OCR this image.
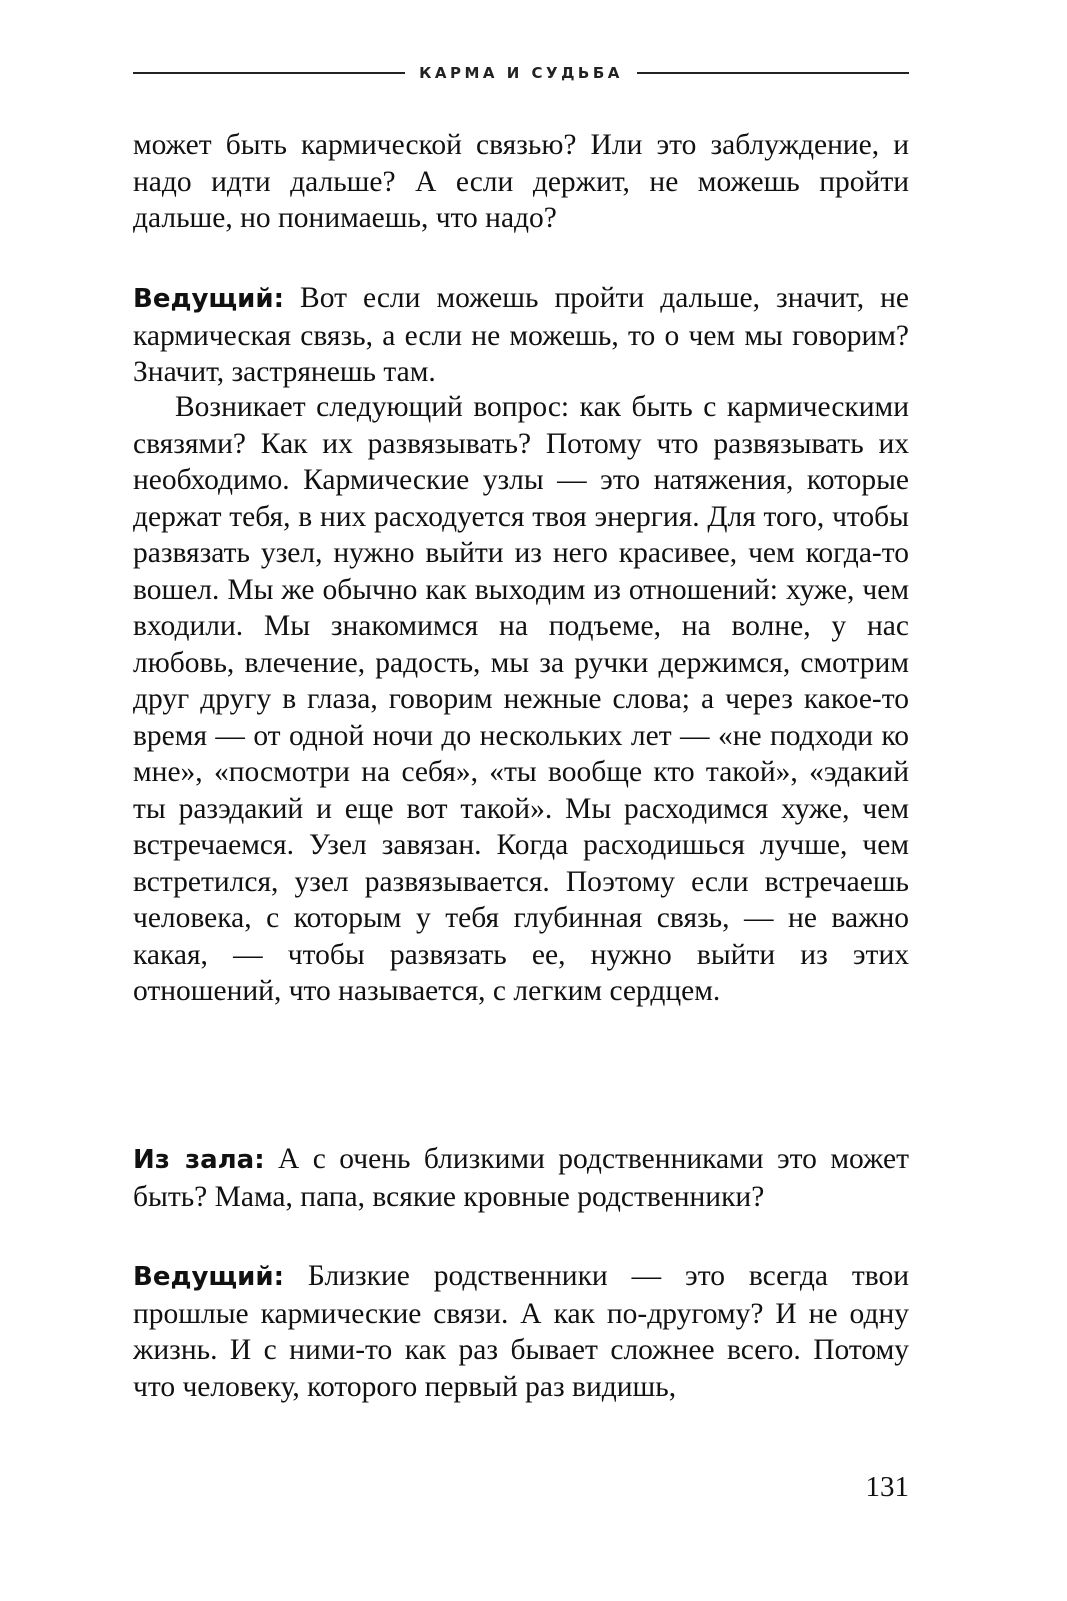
КАРМА И СУДЬБА

может быть кармической связью? Или это заблуждение, и надо идти дальше? А если держит, не можешь пройти дальше, но понимаешь, что надо?

Ведущий: Вот если можешь пройти дальше, значит, не кармическая связь, а если не можешь, то о чем мы говорим? Значит, застрянешь там.

Возникает следующий вопрос: как быть с кармическими связями? Как их развязывать? Потому что развязывать их необходимо. Кармические узлы — это натяжения, которые держат тебя, в них расходуется твоя энергия. Для того, чтобы развязать узел, нужно выйти из него красивее, чем когда-то вошел. Мы же обычно как выходим из отношений: хуже, чем входили. Мы знакомимся на подъеме, на волне, у нас любовь, влечение, радость, мы за ручки держимся, смотрим друг другу в глаза, говорим нежные слова; а через какое-то время — от одной ночи до нескольких лет — «не подходи ко мне», «посмотри на себя», «ты вообще кто такой», «эдакий ты разэдакий и еще вот такой». Мы расходимся хуже, чем встречаемся. Узел завязан. Когда расходишься лучше, чем встретился, узел развязывается. Поэтому если встречаешь человека, с которым у тебя глубинная связь, — не важно какая, — чтобы развязать ее, нужно выйти из этих отношений, что называется, с легким сердцем.

Из зала: А с очень близкими родственниками это может быть? Мама, папа, всякие кровные родственники?

Ведущий: Близкие родственники — это всегда твои прошлые кармические связи. А как по-другому? И не одну жизнь. И с ними-то как раз бывает сложнее всего. Потому что человеку, которого первый раз видишь,

131
